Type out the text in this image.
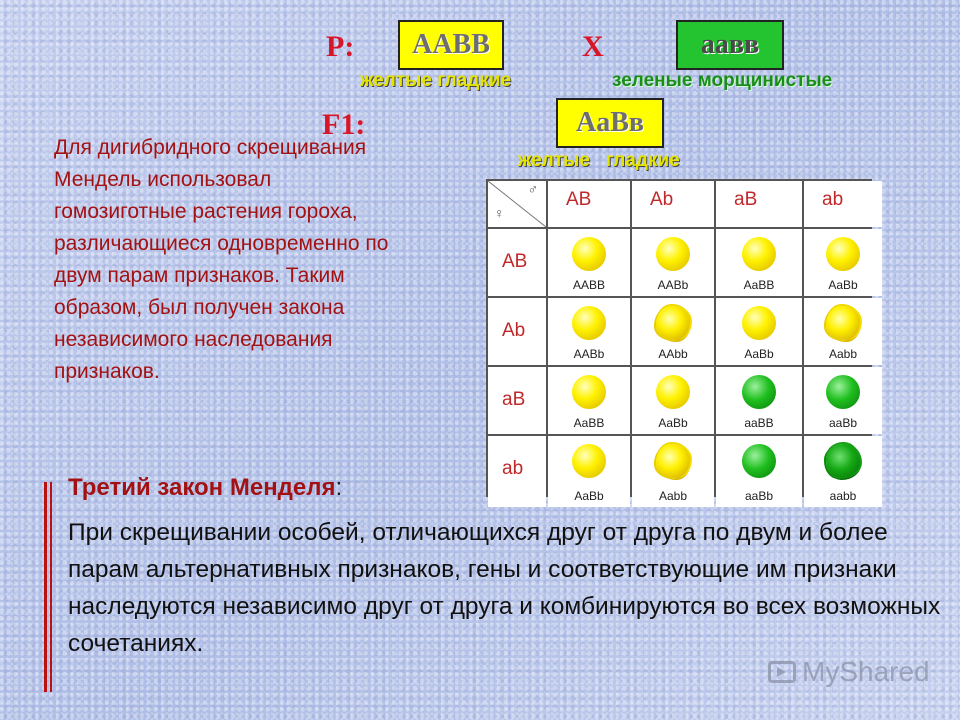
P: AABB	X	aaвв
желтые гладкие	зеленые морщинистые
F1:	AaBв
желтые   гладкие
Для дигибридного скрещивания Мендель использовал гомозиготные растения гороха, различающиеся одновременно по двум парам признаков. Таким образом, был получен закона независимого наследования признаков.
♂
♀
AB	Ab	aB	ab
AB
AABB	AABb	AaBB	AaBb
Ab
AABb	AAbb	AaBb	Aabb
aB
AaBB	AaBb	aaBB	aaBb
ab
AaBb	Aabb	aaBb	aabb
Третий закон Менделя:
При скрещивании особей, отличающихся друг от друга по двум и более парам альтернативных признаков, гены и соответствующие им признаки наследуются независимо друг от друга и комбинируются во всех возможных сочетаниях.
MyShared
